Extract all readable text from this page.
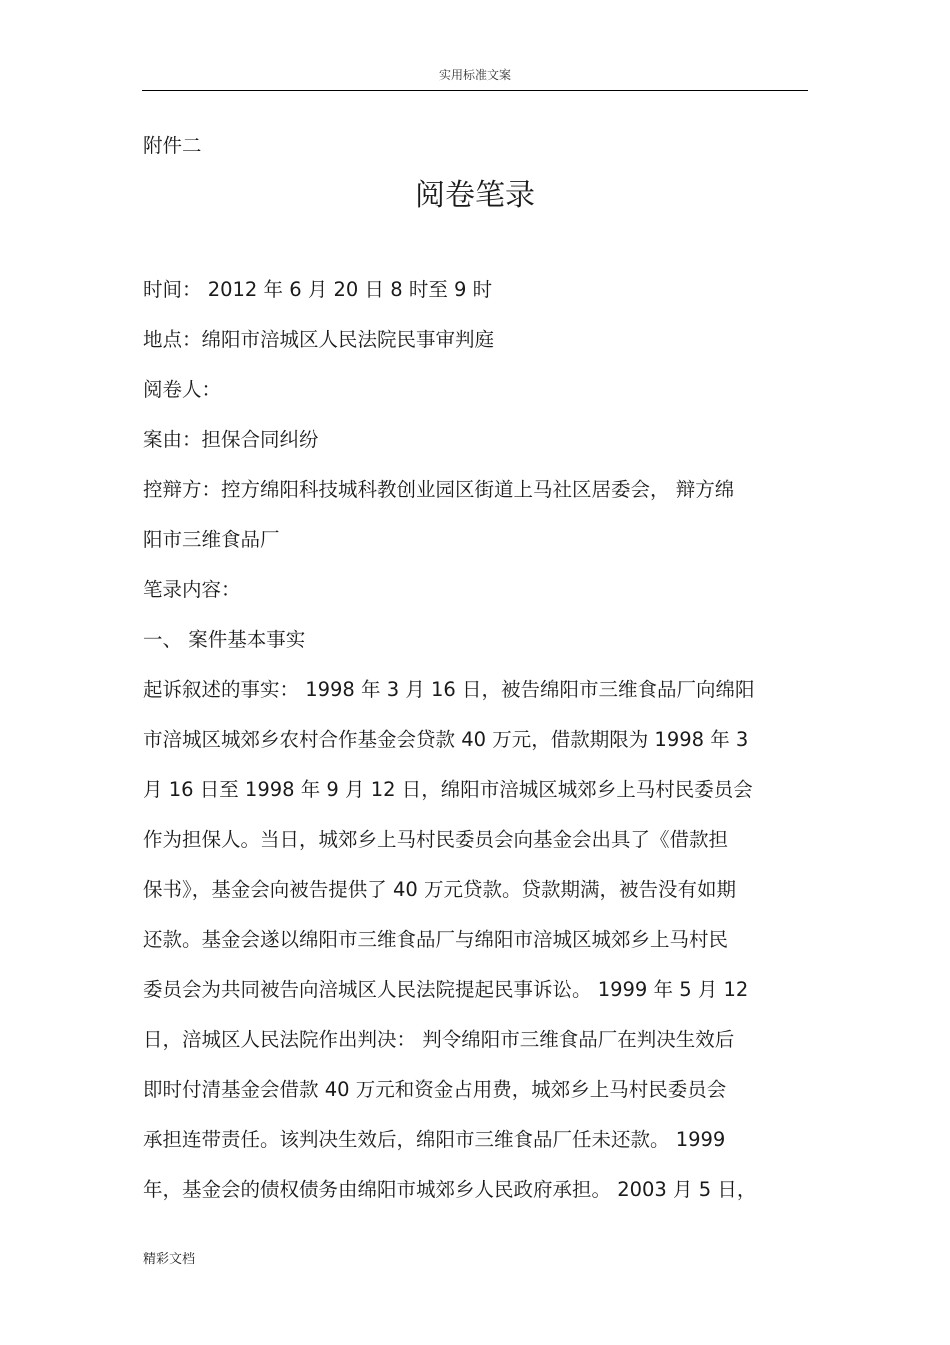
实用标准文案
附件二
阅卷笔录
时间： 2012 年 6 月 20 日 8 时至 9 时
地点：绵阳市涪城区人民法院民事审判庭
阅卷人：
案由：担保合同纠纷
控辩方：控方绵阳科技城科教创业园区街道上马社区居委会， 辩方绵
阳市三维食品厂
笔录内容：
一、 案件基本事实
起诉叙述的事实： 1998 年 3 月 16 日，被告绵阳市三维食品厂向绵阳
市涪城区城郊乡农村合作基金会贷款 40 万元，借款期限为 1998 年 3
月 16 日至 1998 年 9 月 12 日，绵阳市涪城区城郊乡上马村民委员会
作为担保人。当日，城郊乡上马村民委员会向基金会出具了《借款担
保书》，基金会向被告提供了 40 万元贷款。贷款期满，被告没有如期
还款。基金会遂以绵阳市三维食品厂与绵阳市涪城区城郊乡上马村民
委员会为共同被告向涪城区人民法院提起民事诉讼。 1999 年 5 月 12
日，涪城区人民法院作出判决： 判令绵阳市三维食品厂在判决生效后
即时付清基金会借款 40 万元和资金占用费，城郊乡上马村民委员会
承担连带责任。该判决生效后，绵阳市三维食品厂任未还款。 1999
年，基金会的债权债务由绵阳市城郊乡人民政府承担。 2003 月 5 日，
精彩文档
